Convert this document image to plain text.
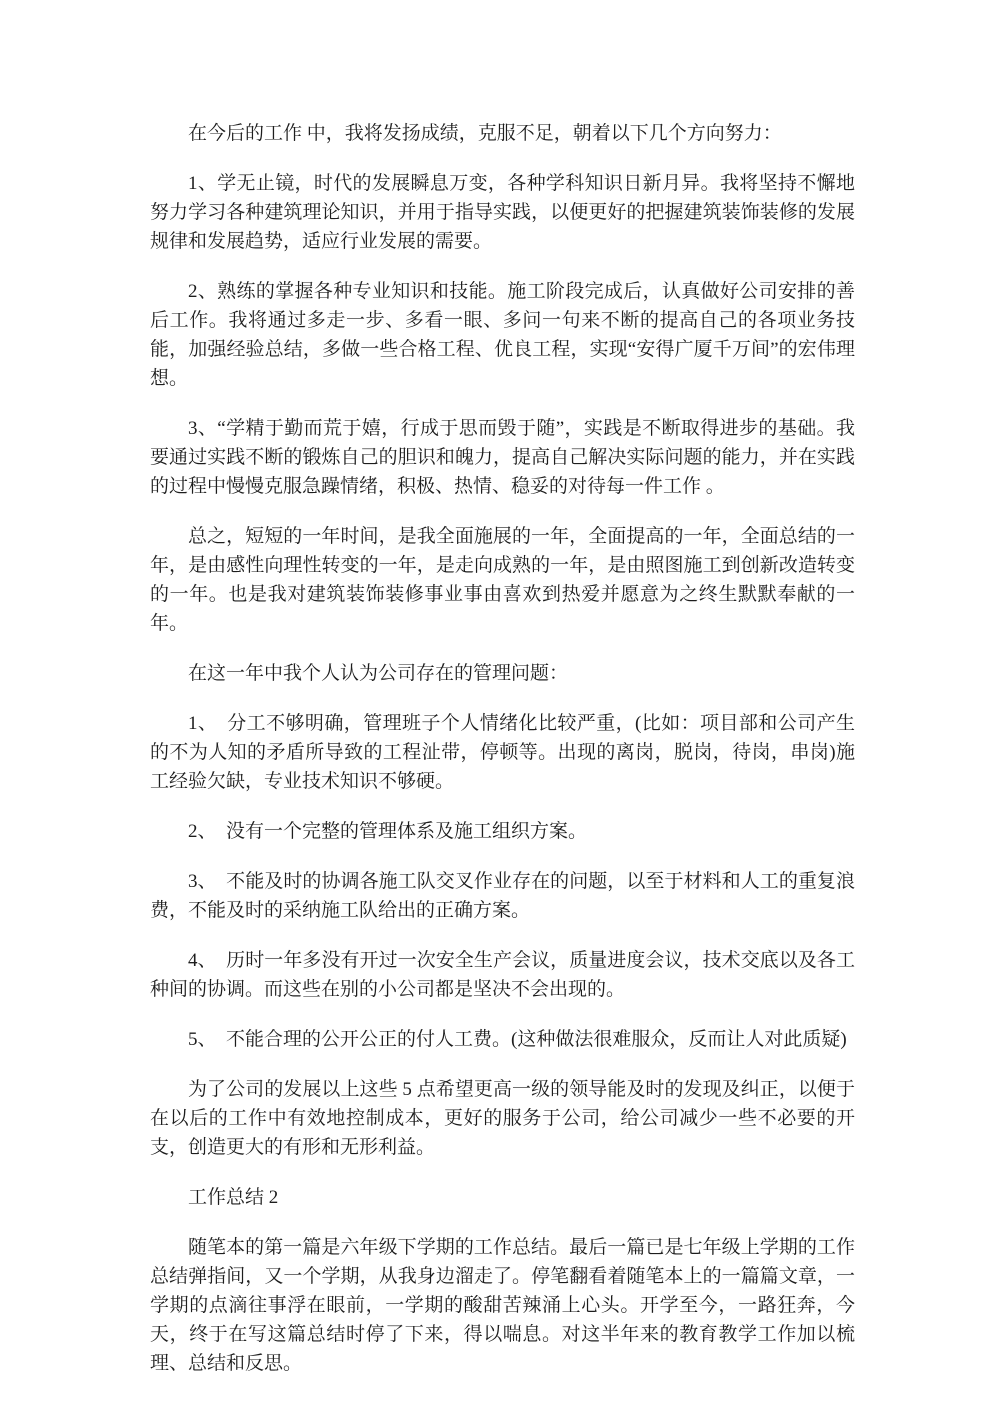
在今后的工作 中，我将发扬成绩，克服不足，朝着以下几个方向努力：

1、学无止镜，时代的发展瞬息万变，各种学科知识日新月异。我将坚持不懈地努力学习各种建筑理论知识，并用于指导实践，以便更好的把握建筑装饰装修的发展规律和发展趋势，适应行业发展的需要。

2、熟练的掌握各种专业知识和技能。施工阶段完成后，认真做好公司安排的善后工作。我将通过多走一步、多看一眼、多问一句来不断的提高自己的各项业务技能，加强经验总结，多做一些合格工程、优良工程，实现“安得广厦千万间”的宏伟理想。

3、“学精于勤而荒于嬉，行成于思而毁于随”，实践是不断取得进步的基础。我要通过实践不断的锻炼自己的胆识和魄力，提高自己解决实际问题的能力，并在实践的过程中慢慢克服急躁情绪，积极、热情、稳妥的对待每一件工作 。

总之，短短的一年时间，是我全面施展的一年，全面提高的一年，全面总结的一年，是由感性向理性转变的一年，是走向成熟的一年，是由照图施工到创新改造转变的一年。也是我对建筑装饰装修事业事由喜欢到热爱并愿意为之终生默默奉献的一年。

在这一年中我个人认为公司存在的管理问题：

1、　分工不够明确，管理班子个人情绪化比较严重，(比如：项目部和公司产生的不为人知的矛盾所导致的工程沚带，停顿等。出现的离岗，脱岗，待岗，串岗)施工经验欠缺，专业技术知识不够硬。

2、　没有一个完整的管理体系及施工组织方案。

3、　不能及时的协调各施工队交叉作业存在的问题，以至于材料和人工的重复浪费，不能及时的采纳施工队给出的正确方案。

4、　历时一年多没有开过一次安全生产会议，质量进度会议，技术交底以及各工种间的协调。而这些在别的小公司都是坚决不会出现的。

5、　不能合理的公开公正的付人工费。(这种做法很难服众，反而让人对此质疑)

为了公司的发展以上这些 5 点希望更高一级的领导能及时的发现及纠正，以便于在以后的工作中有效地控制成本，更好的服务于公司，给公司减少一些不必要的开支，创造更大的有形和无形利益。

工作总结 2

随笔本的第一篇是六年级下学期的工作总结。最后一篇已是七年级上学期的工作总结弹指间，又一个学期，从我身边溜走了。停笔翻看着随笔本上的一篇篇文章，一学期的点滴往事浮在眼前，一学期的酸甜苦辣涌上心头。开学至今，一路狂奔，今天，终于在写这篇总结时停了下来，得以喘息。对这半年来的教育教学工作加以梳理、总结和反思。
